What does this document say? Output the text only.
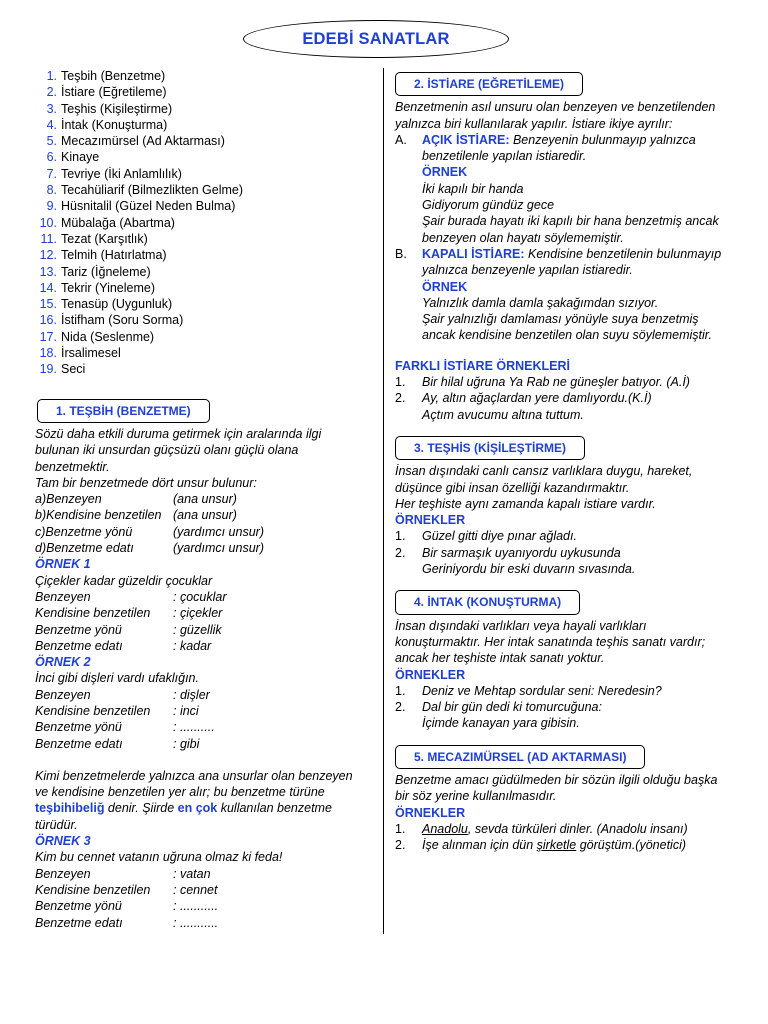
EDEBİ SANATLAR
1. Teşbih (Benzetme)
2. İstiare (Eğretileme)
3. Teşhis (Kişileştirme)
4. İntak (Konuşturma)
5. Mecazımürsel (Ad Aktarması)
6. Kinaye
7. Tevriye (İki Anlamlılık)
8. Tecahüliarif (Bilmezlikten Gelme)
9. Hüsnitalil (Güzel Neden Bulma)
10. Mübalağa (Abartma)
11. Tezat (Karşıtlık)
12. Telmih (Hatırlatma)
13. Tariz (İğneleme)
14. Tekrir (Yineleme)
15. Tenasüp (Uygunluk)
16. İstifham (Soru Sorma)
17. Nida (Seslenme)
18. İrsalimesel
19. Seci
1. TEŞBİH (BENZETME)
Sözü daha etkili duruma getirmek için aralarında ilgi
bulunan iki unsurdan güçsüzü olanı güçlü olana
benzetmektir.
Tam bir benzetmede dört unsur bulunur:
a)Benzeyen	(ana unsur)
b)Kendisine benzetilen (ana unsur)
c)Benzetme yönü	(yardımcı unsur)
d)Benzetme edatı	(yardımcı unsur)
ÖRNEK 1
Çiçekler kadar güzeldir çocuklar
Benzeyen	: çocuklar
Kendisine benzetilen	: çiçekler
Benzetme yönü	: güzellik
Benzetme edatı	: kadar
ÖRNEK 2
İnci gibi dişleri vardı ufaklığın.
Benzeyen	: dişler
Kendisine benzetilen	: inci
Benzetme yönü	: ..........
Benzetme edatı	: gibi
Kimi benzetmelerde yalnızca ana unsurlar olan benzeyen
ve kendisine benzetilen yer alır; bu benzetme türüne
teşbihibeliğ denir. Şiirde en çok kullanılan benzetme
türüdür.
ÖRNEK 3
Kim bu cennet vatanın uğruna olmaz ki feda!
Benzeyen	: vatan
Kendisine benzetilen	: cennet
Benzetme yönü	: ...........
Benzetme edatı	: ...........
2. İSTİARE (EĞRETİLEME)
Benzetmenin asıl unsuru olan benzeyen ve benzetilenden
yalnızca biri kullanılarak yapılır. İstiare ikiye ayrılır:
A.	AÇIK İSTİARE: Benzeyenin bulunmayıp yalnızca
benzetilenle yapılan istiaredir.
ÖRNEK
İki kapılı bir handa
Gidiyorum gündüz gece
Şair burada hayatı iki kapılı bir hana benzetmiş ancak
benzeyen olan hayatı söylememiştir.
B.	KAPALI İSTİARE: Kendisine benzetilenin bulunmayıp
yalnızca benzeyenle yapılan istiaredir.
ÖRNEK
Yalnızlık damla damla şakağımdan sızıyor.
Şair yalnızlığı damlaması yönüyle suya benzetmiş
ancak kendisine benzetilen olan suyu söylememiştir.
FARKLI İSTİARE ÖRNEKLERİ
1.	Bir hilal uğruna Ya Rab ne güneşler batıyor. (A.İ)
2.	Ay, altın ağaçlardan yere damlıyordu.(K.İ)
Açtım avucumu altına tuttum.
3. TEŞHİS (KİŞİLEŞTİRME)
İnsan dışındaki canlı cansız varlıklara duygu, hareket,
düşünce gibi insan özelliği kazandırmaktır.
Her teşhiste aynı zamanda kapalı istiare vardır.
ÖRNEKLER
1.	Güzel gitti diye pınar ağladı.
2.	Bir sarmaşık uyanıyordu uykusunda
Geriniyordu bir eski duvarın sıvasında.
4. İNTAK (KONUŞTURMA)
İnsan dışındaki varlıkları veya hayali varlıkları
konuşturmaktır. Her intak sanatında teşhis sanatı vardır;
ancak her teşhiste intak sanatı yoktur.
ÖRNEKLER
1.	Deniz ve Mehtap sordular seni: Neredesin?
2.	Dal bir gün dedi ki tomurcuğuna:
İçimde kanayan yara gibisin.
5. MECAZIMÜRSEL (AD AKTARMASI)
Benzetme amacı güdülmeden bir sözün ilgili olduğu başka
bir söz yerine kullanılmasıdır.
ÖRNEKLER
1.	Anadolu, sevda türküleri dinler. (Anadolu insanı)
2.	İşe alınman için dün şirketle görüştüm.(yönetici)
